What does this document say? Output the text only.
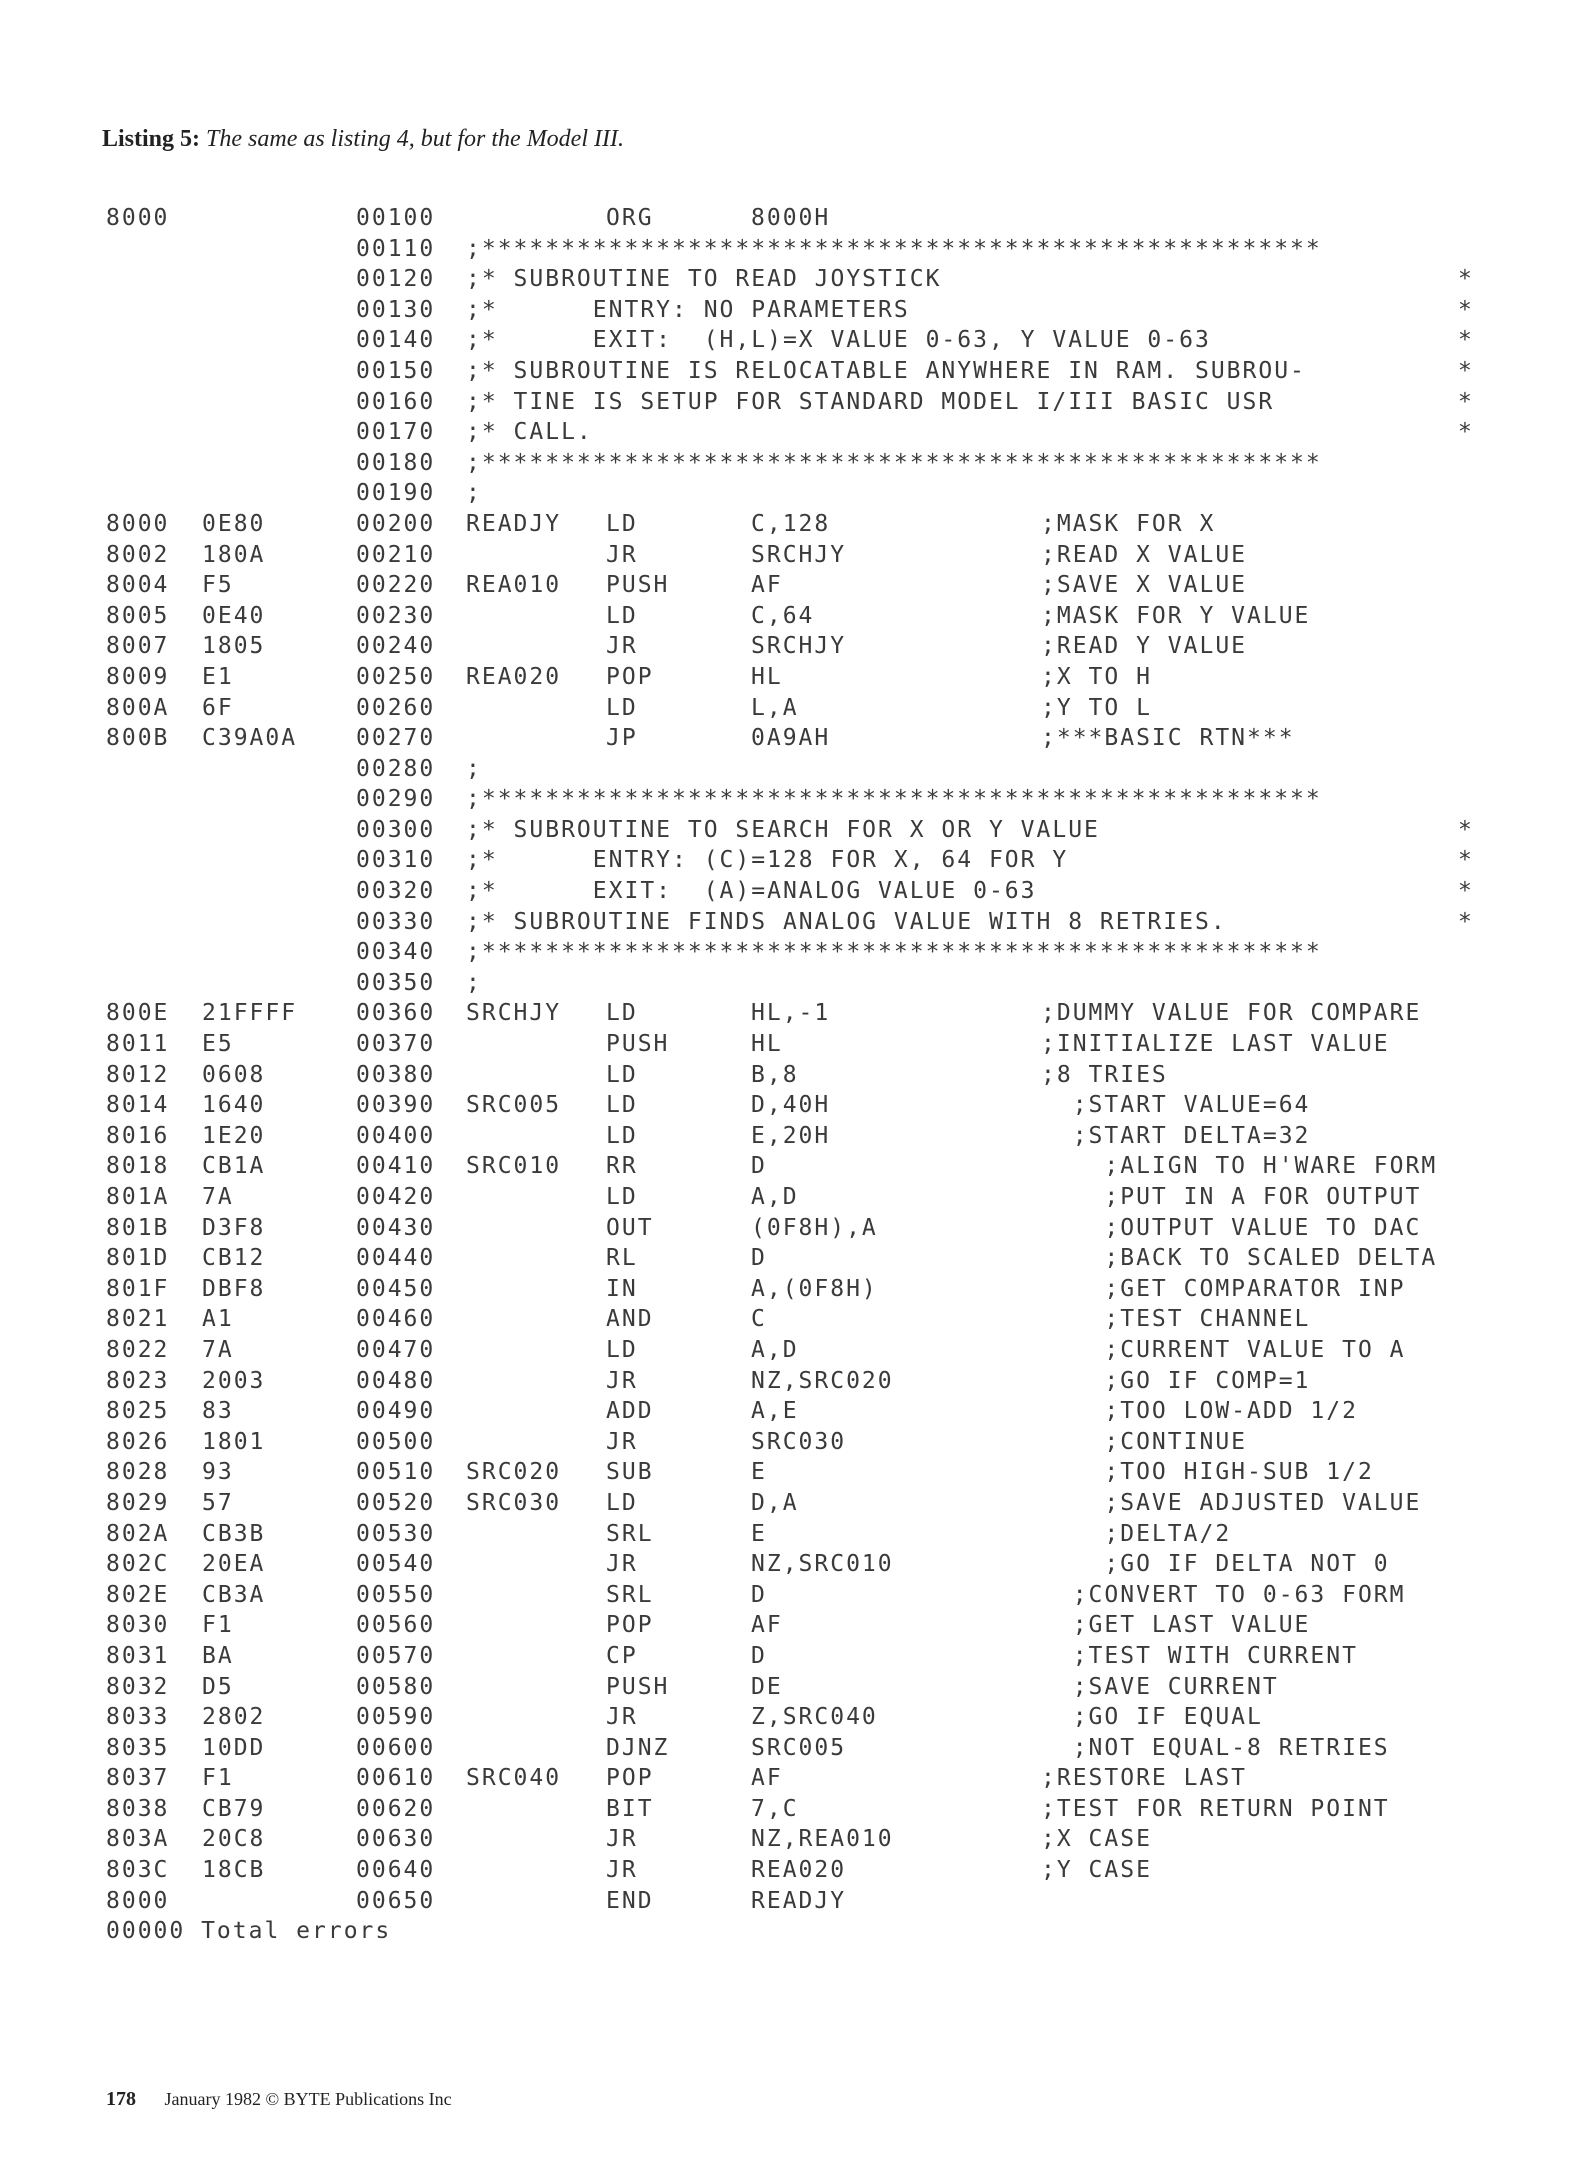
Listing 5: The same as listing 4, but for the Model III.
8000	00100	ORG	8000H
00110 ;*****************************************************
00120 ;* SUBROUTINE TO READ JOYSTICK	*
00130 ;*      ENTRY: NO PARAMETERS	*
00140 ;*      EXIT:  (H,L)=X VALUE 0-63, Y VALUE 0-63	*
00150 ;* SUBROUTINE IS RELOCATABLE ANYWHERE IN RAM. SUBROU-	*
00160 ;* TINE IS SETUP FOR STANDARD MODEL I/III BASIC USR	*
00170 ;* CALL.	*
00180 ;*****************************************************
00190 ;
8000 0E80	00200 READJY LD	C,128	;MASK FOR X
8002 180A	00210	JR	SRCHJY	;READ X VALUE
8004 F5	00220 REA010 PUSH	AF	;SAVE X VALUE
8005 0E40	00230	LD	C,64	;MASK FOR Y VALUE
8007 1805	00240	JR	SRCHJY	;READ Y VALUE
8009 E1	00250 REA020 POP	HL	;X TO H
800A 6F	00260	LD	L,A	;Y TO L
800B C39A0A	00270	JP	0A9AH	;***BASIC RTN***
00280 ;
00290 ;*****************************************************
00300 ;* SUBROUTINE TO SEARCH FOR X OR Y VALUE	*
00310 ;*      ENTRY: (C)=128 FOR X, 64 FOR Y	*
00320 ;*      EXIT:  (A)=ANALOG VALUE 0-63	*
00330 ;* SUBROUTINE FINDS ANALOG VALUE WITH 8 RETRIES.	*
00340 ;*****************************************************
00350 ;
800E 21FFFF	00360 SRCHJY LD	HL,-1	;DUMMY VALUE FOR COMPARE
8011 E5	00370	PUSH	HL	;INITIALIZE LAST VALUE
8012 0608	00380	LD	B,8	;8 TRIES
8014 1640	00390 SRC005 LD	D,40H	;START VALUE=64
8016 1E20	00400	LD	E,20H	;START DELTA=32
8018 CB1A	00410 SRC010 RR	D	;ALIGN TO H'WARE FORM
801A 7A	00420	LD	A,D	;PUT IN A FOR OUTPUT
801B D3F8	00430	OUT	(0F8H),A	;OUTPUT VALUE TO DAC
801D CB12	00440	RL	D	;BACK TO SCALED DELTA
801F DBF8	00450	IN	A,(0F8H)	;GET COMPARATOR INP
8021 A1	00460	AND	C	;TEST CHANNEL
8022 7A	00470	LD	A,D	;CURRENT VALUE TO A
8023 2003	00480	JR	NZ,SRC020	;GO IF COMP=1
8025 83	00490	ADD	A,E	;TOO LOW-ADD 1/2
8026 1801	00500	JR	SRC030	;CONTINUE
8028 93	00510 SRC020 SUB	E	;TOO HIGH-SUB 1/2
8029 57	00520 SRC030 LD	D,A	;SAVE ADJUSTED VALUE
802A CB3B	00530	SRL	E	;DELTA/2
802C 20EA	00540	JR	NZ,SRC010	;GO IF DELTA NOT 0
802E CB3A	00550	SRL	D	;CONVERT TO 0-63 FORM
8030 F1	00560	POP	AF	;GET LAST VALUE
8031 BA	00570	CP	D	;TEST WITH CURRENT
8032 D5	00580	PUSH	DE	;SAVE CURRENT
8033 2802	00590	JR	Z,SRC040	;GO IF EQUAL
8035 10DD	00600	DJNZ	SRC005	;NOT EQUAL-8 RETRIES
8037 F1	00610 SRC040 POP	AF	;RESTORE LAST
8038 CB79	00620	BIT	7,C	;TEST FOR RETURN POINT
803A 20C8	00630	JR	NZ,REA010	;X CASE
803C 18CB	00640	JR	REA020	;Y CASE
8000	00650	END	READJY
00000 Total errors
178 January 1982 © BYTE Publications Inc
